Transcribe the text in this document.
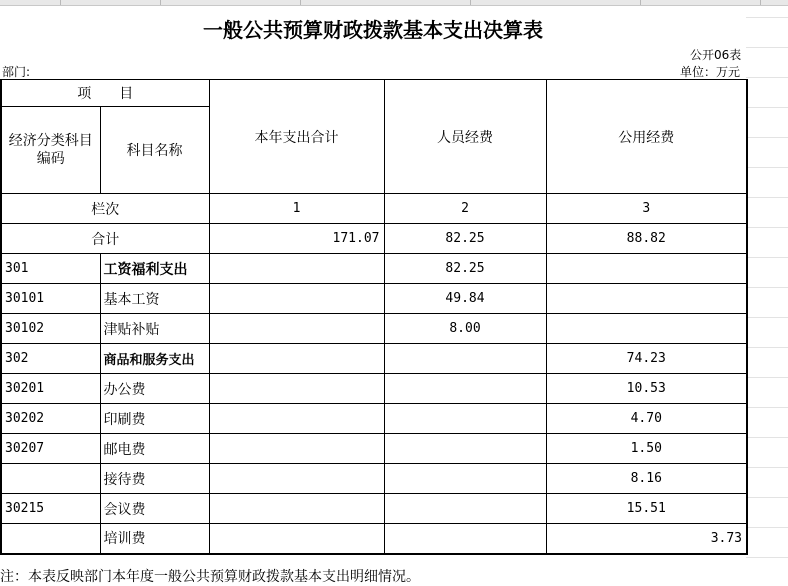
一般公共预算财政拨款基本支出决算表
公开06表
部门:	单位：万元
项　　目		本年支出合计	人员经费	公用经费
经济分类科目编码	科目名称			
栏次		1	2	3
合计		171.07	82.25	88.82
301	工资福利支出		82.25	
30101	基本工资		49.84	
30102	津贴补贴		8.00	
302	商品和服务支出			74.23
30201	办公费			10.53
30202	印刷费			4.70
30207	邮电费			1.50
	接待费			8.16
30215	会议费			15.51
	培训费			3.73
注：本表反映部门本年度一般公共预算财政拨款基本支出明细情况。
